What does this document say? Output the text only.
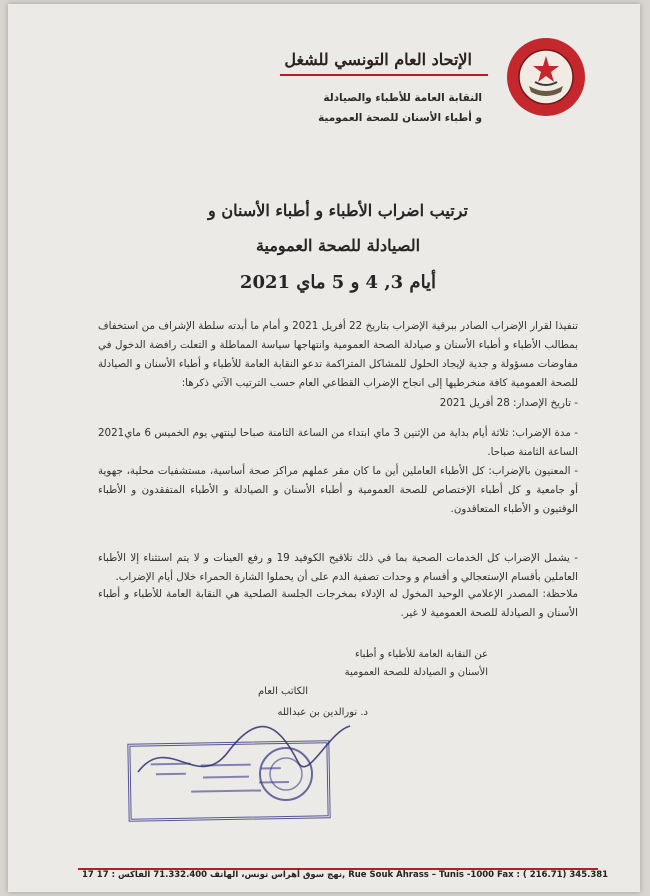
الإتحاد العام التونسي للشغل
النقابة العامة للأطباء والصيادلة
و أطباء الأسنان للصحة العمومية
ترتيب اضراب الأطباء و أطباء الأسنان و
الصيادلة للصحة العمومية
أيام 3, 4 و 5 ماي 2021
تنفيذا لقرار الإضراب الصادر ببرقية الإضراب بتاريخ 22 أفريل 2021 و أمام ما أبدته سلطة الإشراف من استخفاف بمطالب الأطباء و أطباء الأسنان و صيادلة الصحة العمومية وانتهاجها سياسة المماطلة و التعلت رافضة الدخول في مفاوضات مسؤولة و جدية لإيجاد الحلول للمشاكل المتراكمة تدعو النقابة العامة للأطباء و أطباء الأسنان و الصيادلة للصحة العمومية كافة منخرطيها إلى انجاح الإضراب القطاعي العام حسب الترتيب الآتي ذكرها:
- تاريخ الإصدار: 28 أفريل 2021
- مدة الإضراب: ثلاثة أيام بداية من الإثنين 3 ماي ابتداء من الساعة الثامنة صباحا لينتهي يوم الخميس 6 ماي2021 الساعة الثامنة صباحا.
- المعنيون بالإضراب: كل الأطباء العاملين أين ما كان مقر عملهم مراكز صحة أساسية، مستشفيات محلية، جهوية أو جامعية و كل أطباء الإختصاص للصحة العمومية و أطباء الأسنان و الصيادلة و الأطباء المتفقدون و الأطباء الوقتيون و الأطباء المتعاقدون.
- يشمل الإضراب كل الخدمات الصحية بما في ذلك تلاقيح الكوفيد 19 و رفع العينات و لا يتم استثناء إلا الأطباء العاملين بأقسام الإستعجالي و أقسام و وحدات تصفية الدم على أن يحملوا الشارة الحمراء خلال أيام الإضراب.
ملاحظة: المصدر الإعلامي الوحيد المخول له الإدلاء بمخرجات الجلسة الصلحية هي النقابة العامة للأطباء و أطباء الأسنان و الصيادلة للصحة العمومية لا غير.
عن النقابة العامة للأطباء و أطباء
الأسنان و الصيادلة للصحة العمومية
الكاتب العام
د. نورالدين بن عبدالله
17 نهج سوق أهراس تونس، الهاتف 71.332.400 الفاكس : 17, Rue Souk Ahrass – Tunis -1000 Fax : ( 216.71) 345.381
